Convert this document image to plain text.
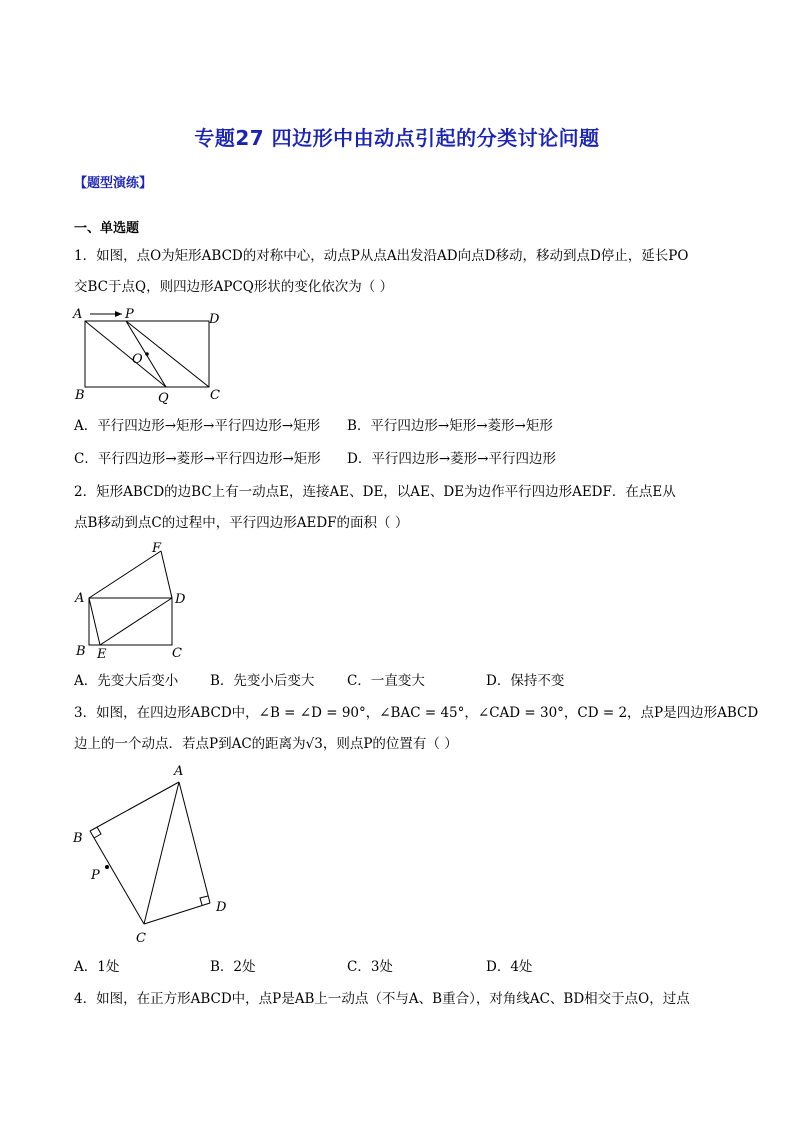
专题27 四边形中由动点引起的分类讨论问题
【题型演练】
一、单选题
1．如图，点O为矩形ABCD的对称中心，动点P从点A出发沿AD向点D移动，移动到点D停止，延长PO
交BC于点Q，则四边形APCQ形状的变化依次为（ ）
A	P	D
O
B	Q	C
A．平行四边形→矩形→平行四边形→矩形 B．平行四边形→矩形→菱形→矩形
C．平行四边形→菱形→平行四边形→矩形 D．平行四边形→菱形→平行四边形
2．矩形ABCD的边BC上有一动点E，连接AE、DE，以AE、DE为边作平行四边形AEDF．在点E从
点B移动到点C的过程中，平行四边形AEDF的面积（ ）
F
A	D
B E	C
A．先变大后变小 B．先变小后变大 C．一直变大	D．保持不变
3．如图，在四边形ABCD中，∠B = ∠D = 90°，∠BAC = 45°，∠CAD = 30°，CD = 2，点P是四边形ABCD
边上的一个动点．若点P到AC的距离为√3，则点P的位置有（ ）
A
B
P
C
D
A．1处	B．2处	C．3处	D．4处
4．如图，在正方形ABCD中，点P是AB上一动点（不与A、B重合），对角线AC、BD相交于点O，过点
